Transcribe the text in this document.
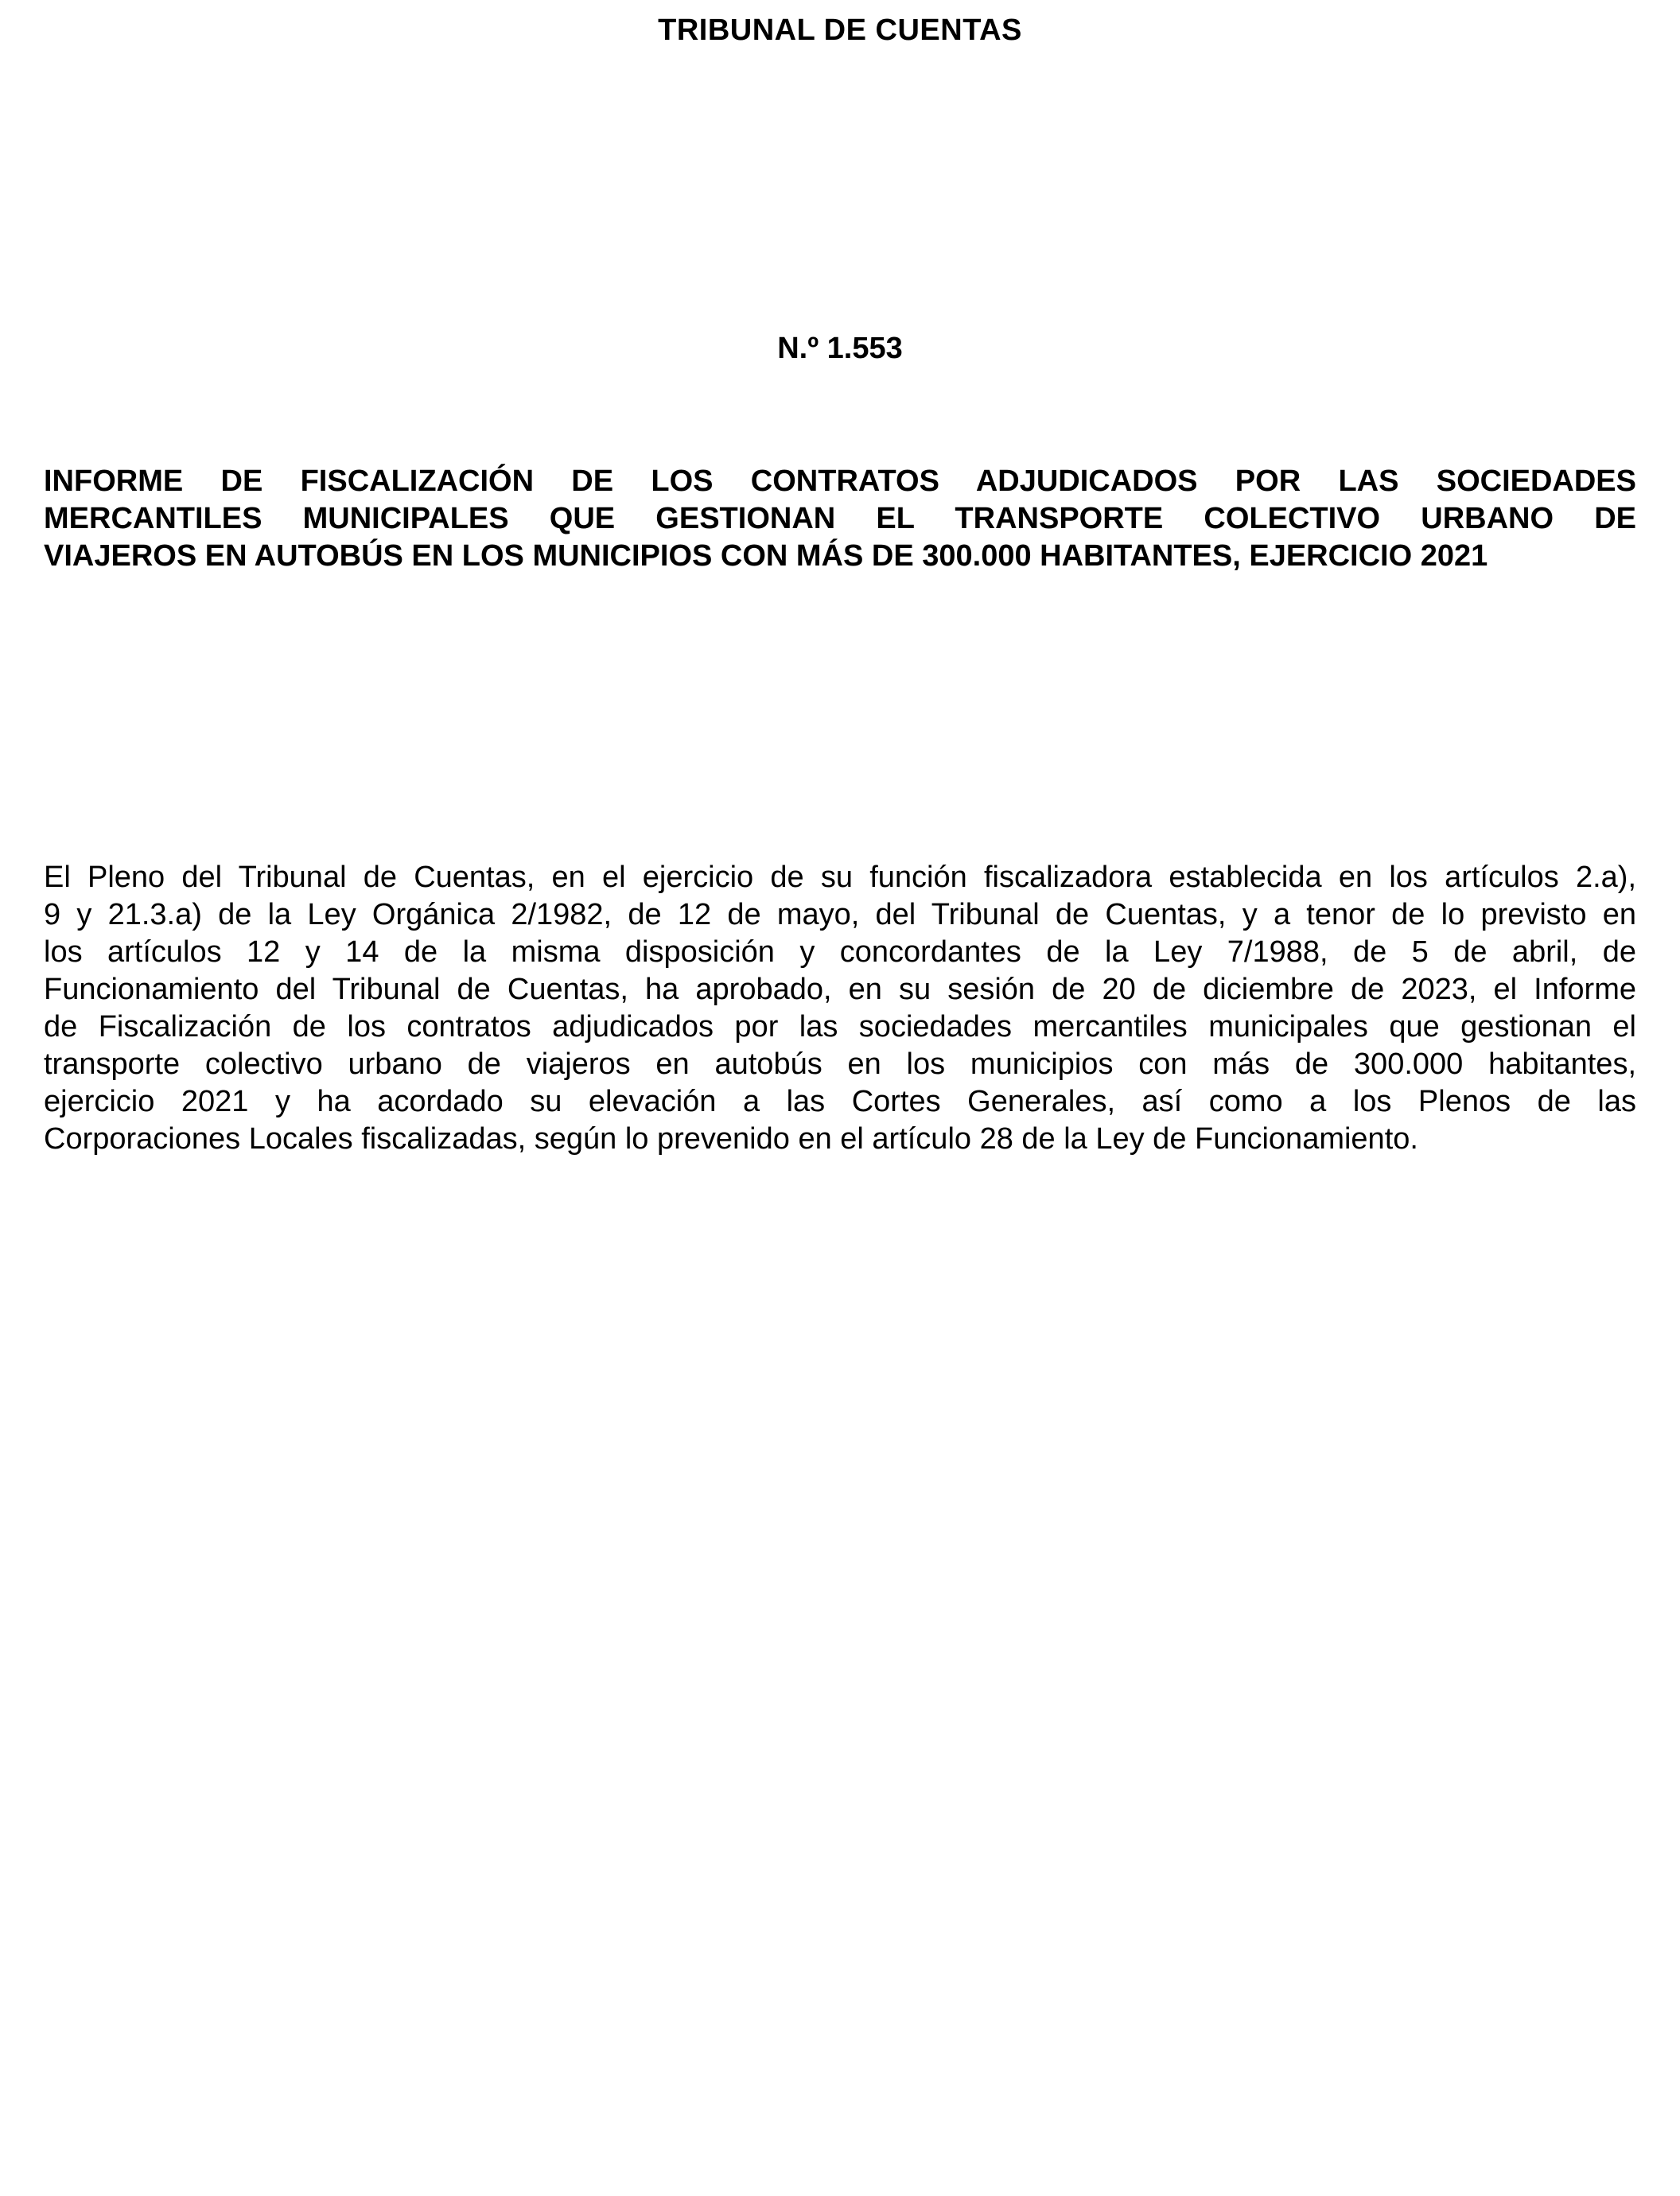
TRIBUNAL DE CUENTAS
N.º 1.553
INFORME DE FISCALIZACIÓN DE LOS CONTRATOS ADJUDICADOS POR LAS SOCIEDADES
MERCANTILES MUNICIPALES QUE GESTIONAN EL TRANSPORTE COLECTIVO URBANO DE
VIAJEROS EN AUTOBÚS EN LOS MUNICIPIOS CON MÁS DE 300.000 HABITANTES, EJERCICIO 2021
El Pleno del Tribunal de Cuentas, en el ejercicio de su función fiscalizadora establecida en los artículos 2.a),
9 y 21.3.a) de la Ley Orgánica 2/1982, de 12 de mayo, del Tribunal de Cuentas, y a tenor de lo previsto en
los artículos 12 y 14 de la misma disposición y concordantes de la Ley 7/1988, de 5 de abril, de
Funcionamiento del Tribunal de Cuentas, ha aprobado, en su sesión de 20 de diciembre de 2023, el Informe
de Fiscalización de los contratos adjudicados por las sociedades mercantiles municipales que gestionan el
transporte colectivo urbano de viajeros en autobús en los municipios con más de 300.000 habitantes,
ejercicio 2021 y ha acordado su elevación a las Cortes Generales, así como a los Plenos de las
Corporaciones Locales fiscalizadas, según lo prevenido en el artículo 28 de la Ley de Funcionamiento.
